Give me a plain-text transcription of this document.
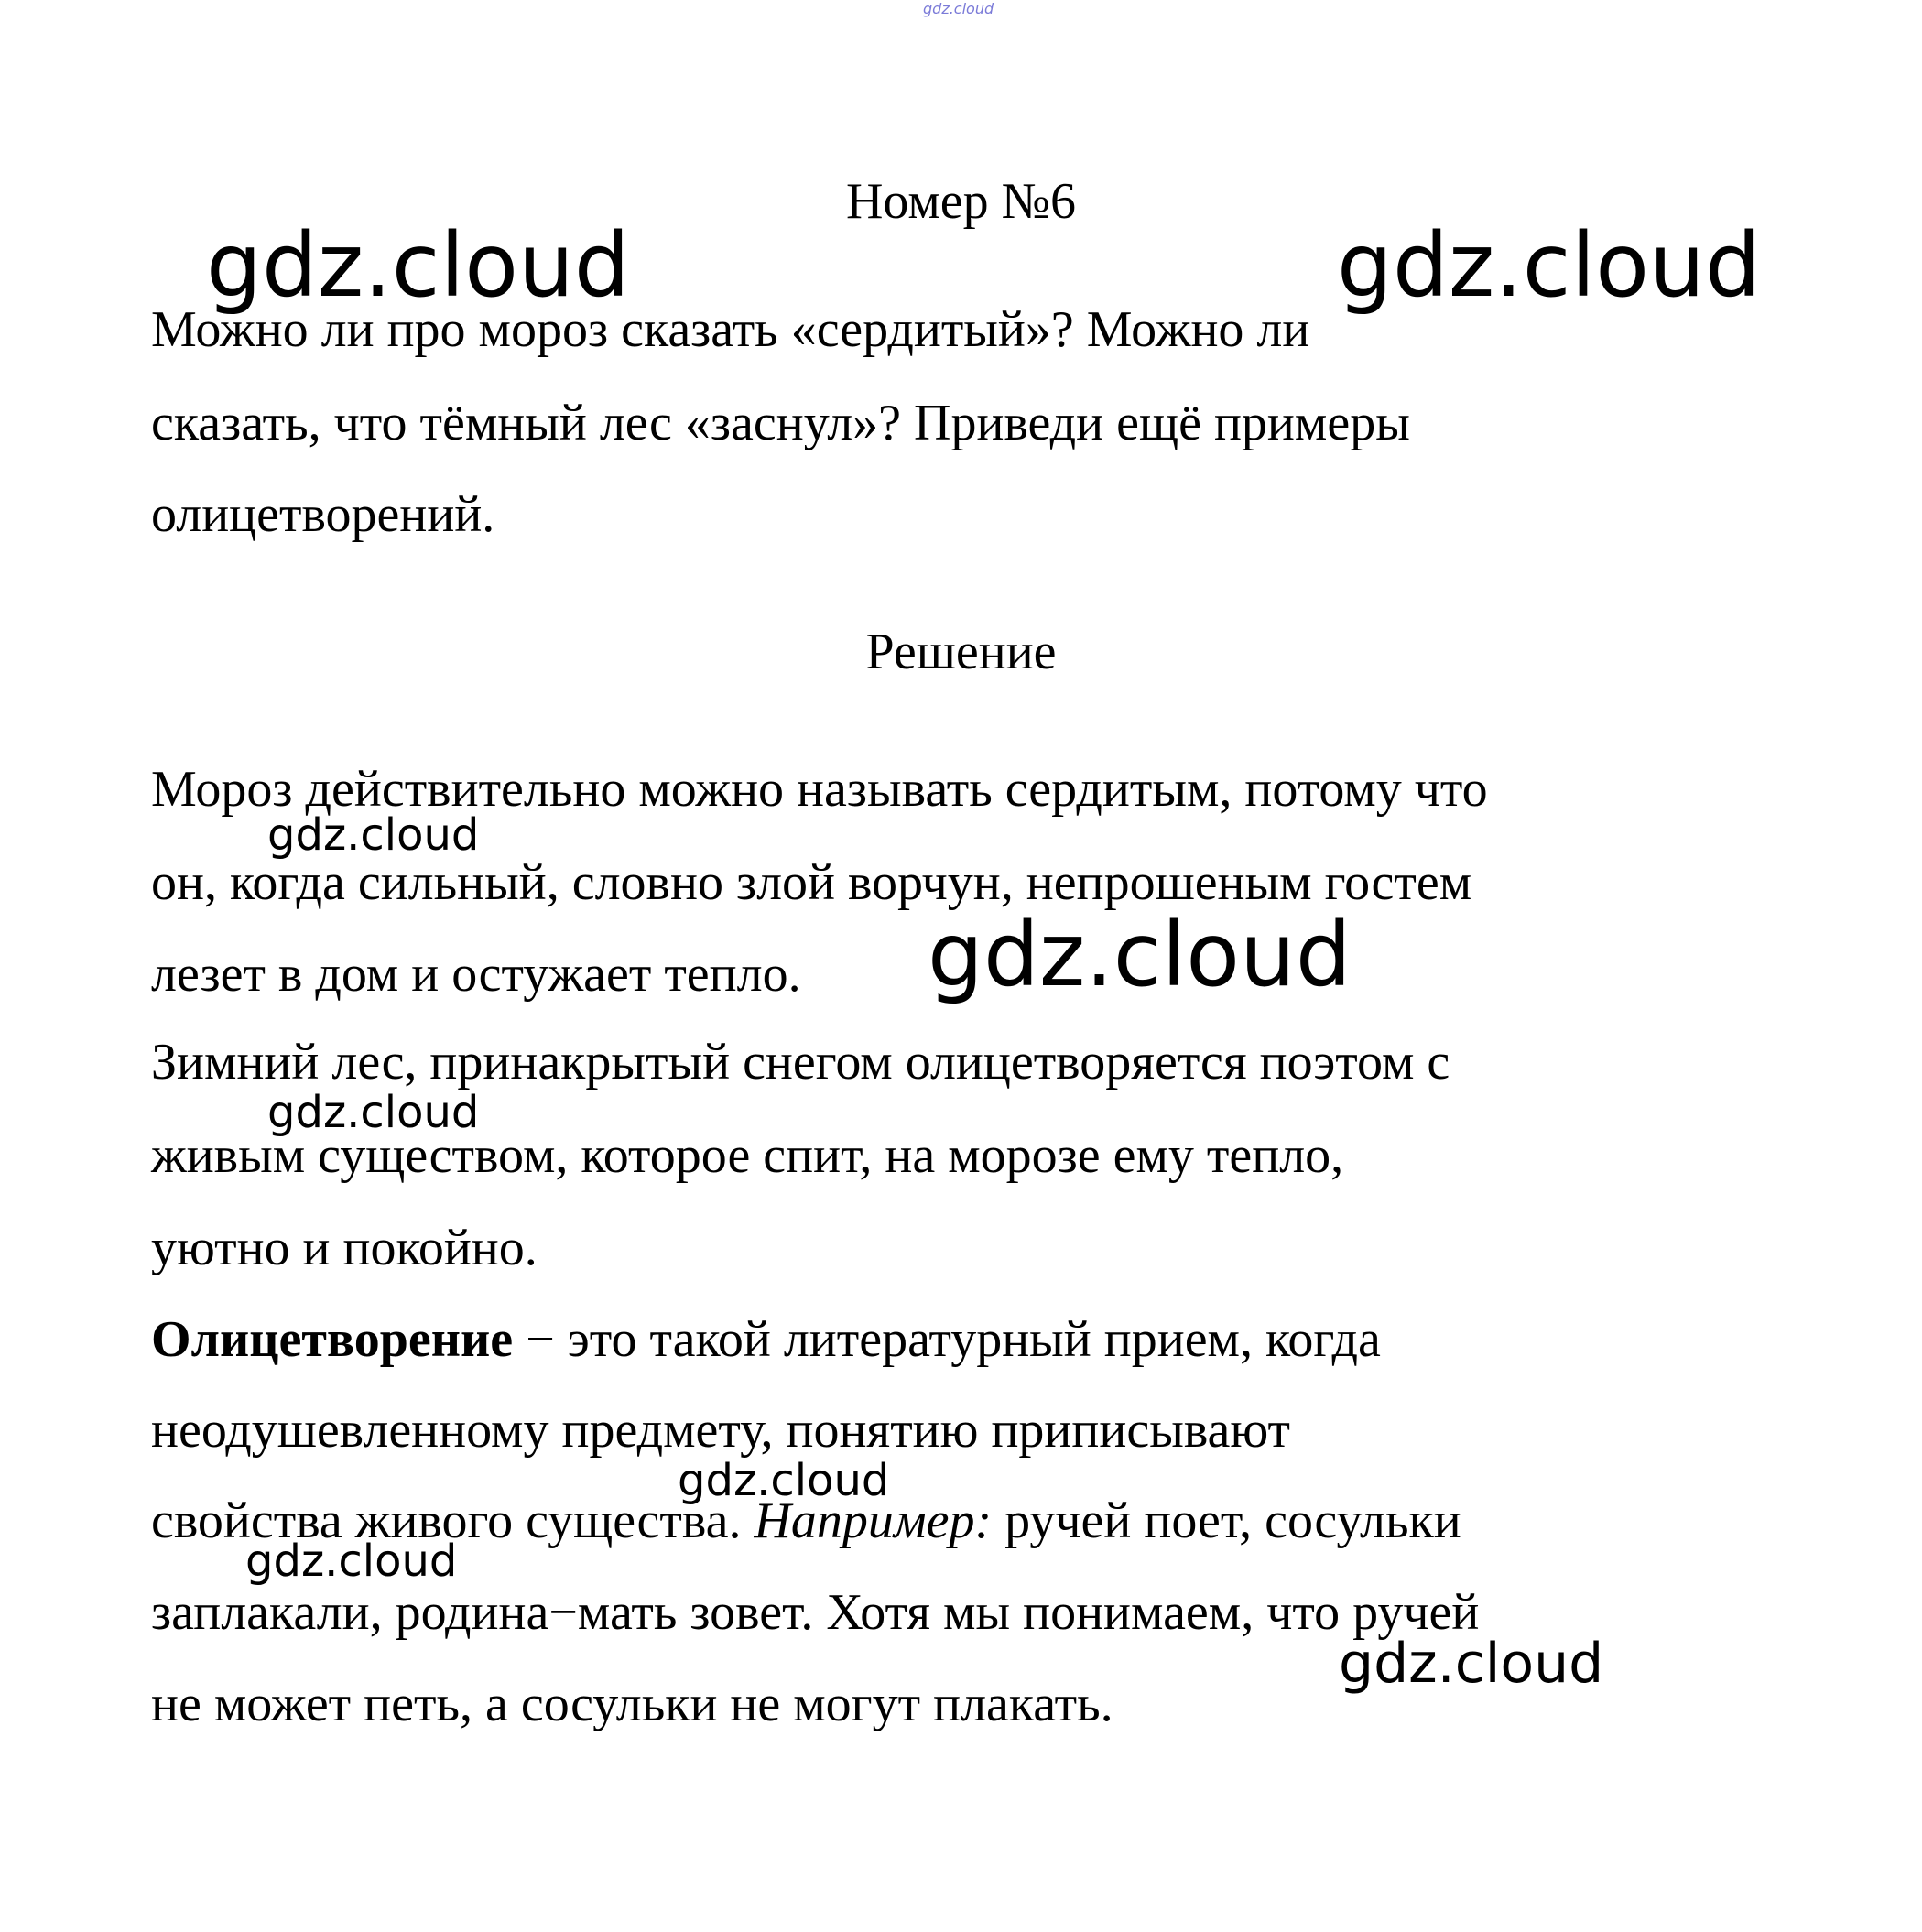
gdz.cloud
Номер №6
gdz.cloud	gdz.cloud
Можно ли про мороз сказать «сердитый»? Можно ли
сказать, что тёмный лес «заснул»? Приведи ещё примеры
олицетворений.
Решение
Мороз действительно можно называть сердитым, потому что
gdz.cloud
он, когда сильный, словно злой ворчун, непрошеным гостем
лезет в дом и остужает тепло. gdz.cloud
Зимний лес, принакрытый снегом олицетворяется поэтом с
gdz.cloud
живым существом, которое спит, на морозе ему тепло,
уютно и покойно.
Олицетворение − это такой литературный прием, когда
неодушевленному предмету, понятию приписывают
gdz.cloud
свойства живого существа. Например: ручей поет, сосульки
gdz.cloud
заплакали, родина−мать зовет. Хотя мы понимаем, что ручей
gdz.cloud
не может петь, а сосульки не могут плакать.
